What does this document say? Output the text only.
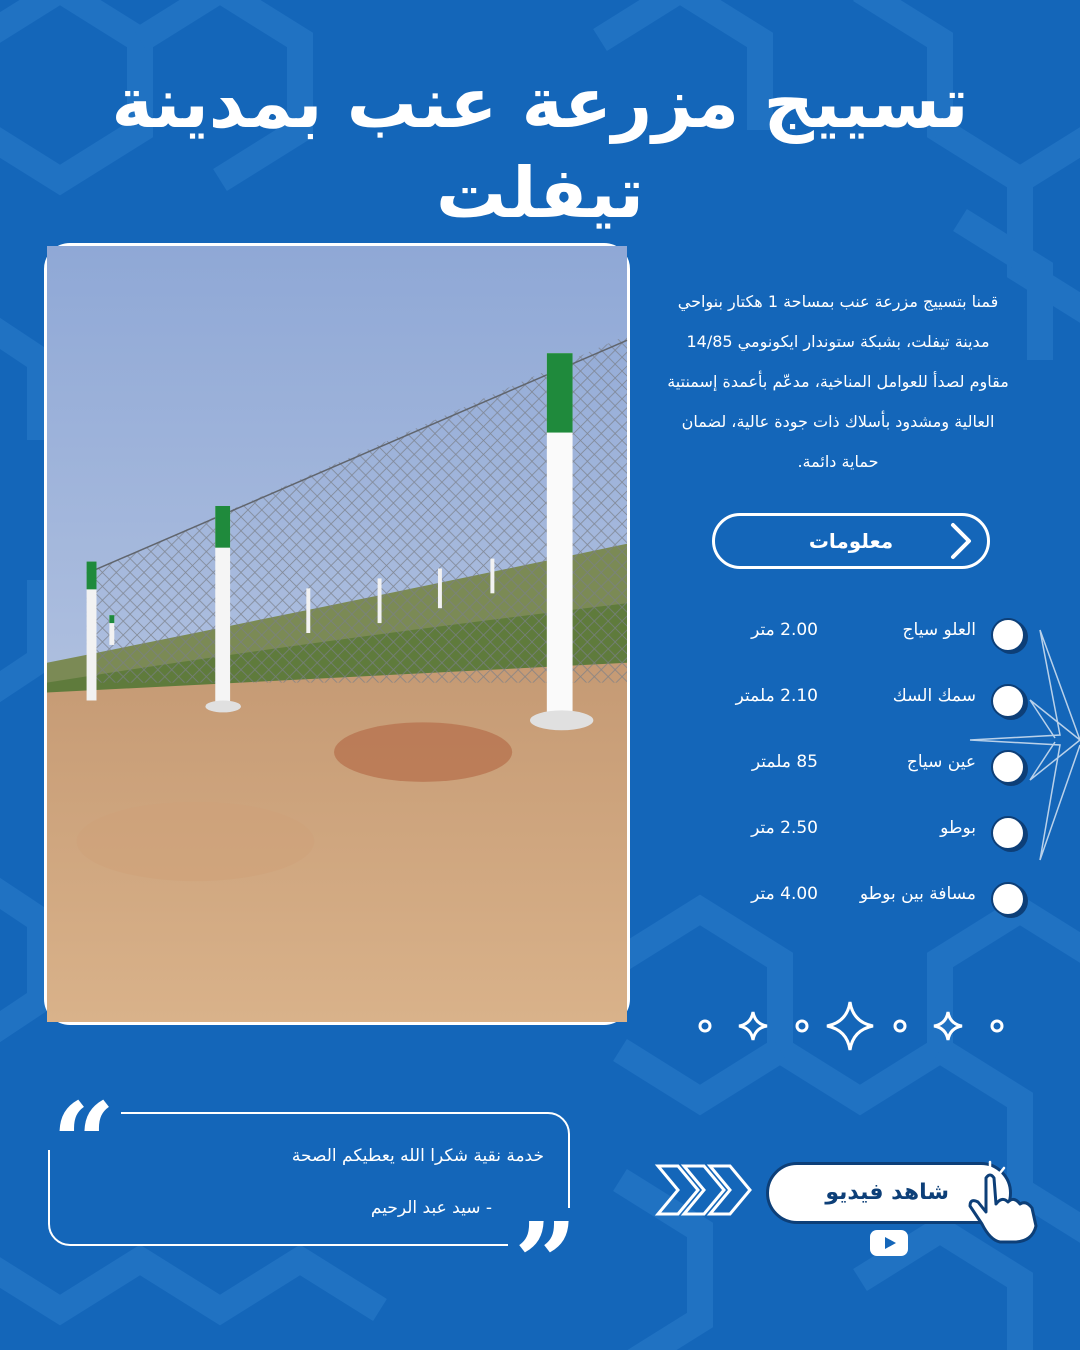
تسييج مزرعة عنب بمدينة تيفلت
قمنا بتسييج مزرعة عنب بمساحة 1 هكتار بنواحي
مدينة تيفلت، بشبكة ستوندار ايكونومي 14/85
مقاوم لصدأ للعوامل المناخية، مدعّم بأعمدة إسمنتية
العالية ومشدود بأسلاك ذات جودة عالية، لضمان
حماية دائمة.
معلومات
العلو سياج
2.00 متر
سمك السك
2.10 ملمتر
عين سياج
85 ملمتر
بوطو
2.50 متر
مسافة بين بوطو
4.00 متر
“
”
خدمة نقية شكرا الله يعطيكم الصحة
- سيد عبد الرحيم
شاهد فيديو
